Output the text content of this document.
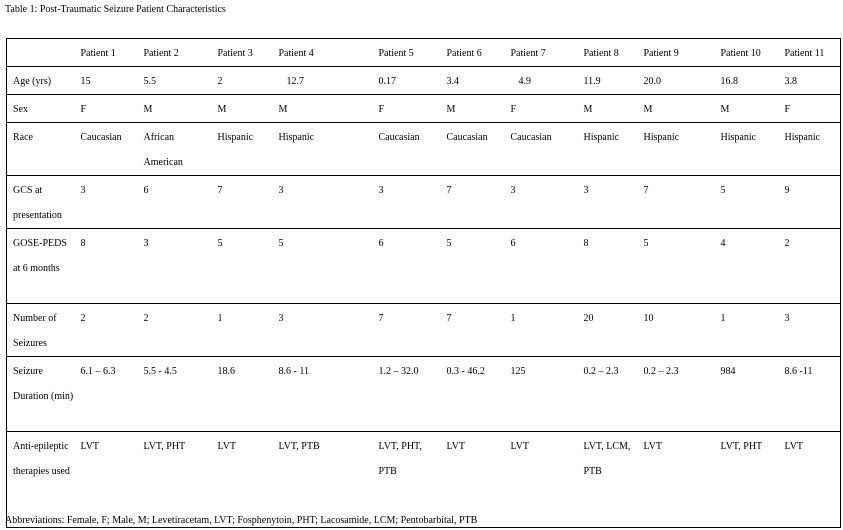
Table 1: Post-Traumatic Seizure Patient Characteristics
	Patient 1	Patient 2	Patient 3	Patient 4	Patient 5	Patient 6	Patient 7	Patient 8	Patient 9	Patient 10	Patient 11
Age (yrs)	15	5.5	2	12.7	0.17	3.4	4.9	11.9	20.0	16.8	3.8
Sex	F	M	M	M	F	M	F	M	M	M	F
Race	Caucasian	African American	Hispanic	Hispanic	Caucasian	Caucasian	Caucasian	Hispanic	Hispanic	Hispanic	Hispanic
GCS at presentation	3	6	7	3	3	7	3	3	7	5	9
GOSE-PEDS at 6 months	8	3	5	5	6	5	6	8	5	4	2
Number of Seizures	2	2	1	3	7	7	1	20	10	1	3
Seizure Duration (min)	6.1 – 6.3	5.5 - 4.5	18.6	8.6 - 11	1.2 – 32.0	0.3 - 46.2	125	0.2 – 2.3	0.2 – 2.3	984	8.6 -11
Anti-epileptic therapies used	LVT	LVT, PHT	LVT	LVT, PTB	LVT, PHT, PTB	LVT	LVT	LVT, LCM, PTB	LVT	LVT, PHT	LVT
Abbreviations: Female, F; Male, M; Levetiracetam, LVT; Fosphenytoin, PHT; Lacosamide, LCM; Pentobarbital, PTB
